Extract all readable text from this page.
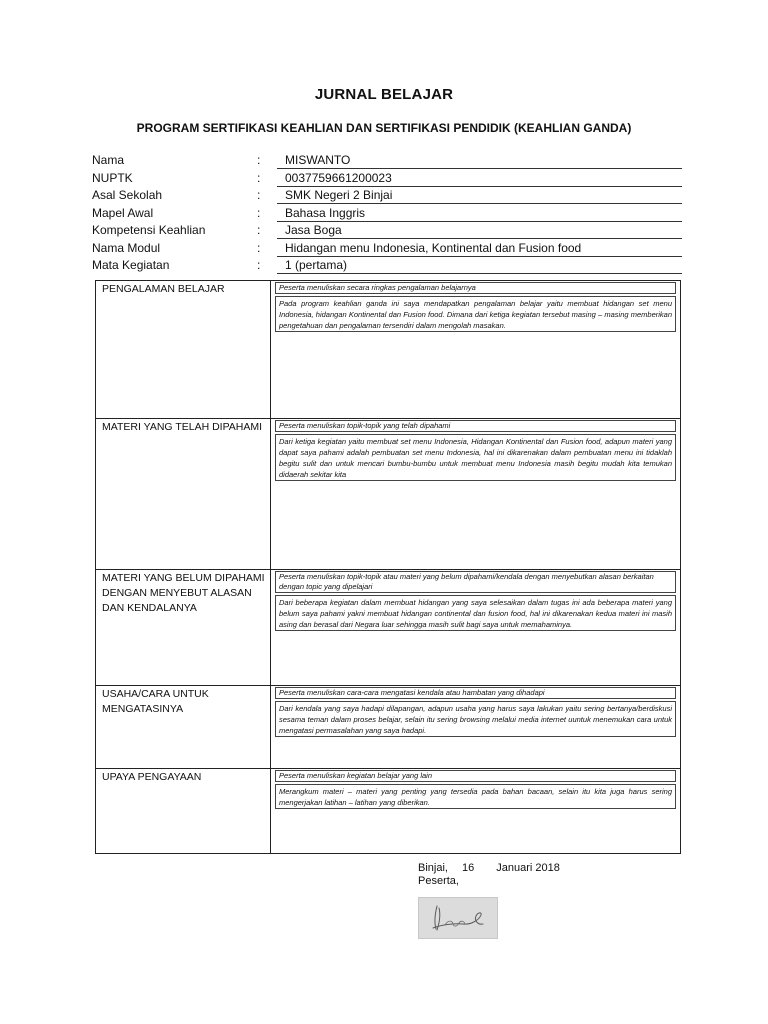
JURNAL BELAJAR
PROGRAM SERTIFIKASI KEAHLIAN DAN SERTIFIKASI PENDIDIK (KEAHLIAN GANDA)
Nama	:	MISWANTO
NUPTK	:	0037759661200023
Asal Sekolah	:	SMK Negeri 2 Binjai
Mapel Awal	:	Bahasa Inggris
Kompetensi Keahlian	:	Jasa Boga
Nama Modul	:	Hidangan menu Indonesia, Kontinental dan Fusion food
Mata Kegiatan	:	1 (pertama)
PENGALAMAN BELAJAR	Peserta menuliskan secara ringkas pengalaman belajarnya
Pada program keahlian ganda ini saya mendapatkan pengalaman belajar yaitu membuat hidangan set menu Indonesia, hidangan Kontinental dan Fusion food. Dimana dari ketiga kegiatan tersebut masing – masing memberikan pengetahuan dan pengalaman tersendiri dalam mengolah masakan.

MATERI YANG TELAH DIPAHAMI	Peserta menuliskan topik-topik yang telah dipahami
Dari ketiga kegiatan yaitu membuat set menu Indonesia, Hidangan Kontinental dan Fusion food, adapun materi yang dapat saya pahami adalah pembuatan set menu Indonesia, hal ini dikarenakan dalam pembuatan menu ini tidaklah begitu sulit dan untuk mencari bumbu-bumbu untuk membuat menu Indonesia masih begitu mudah kita temukan didaerah sekitar kita

MATERI YANG BELUM DIPAHAMI DENGAN MENYEBUT ALASAN DAN KENDALANYA	Peserta menuliskan topik-topik atau materi yang belum dipahami/kendala dengan menyebutkan alasan berkaitan dengan topic yang dipelajari
Dari beberapa kegiatan dalam membuat hidangan yang saya selesaikan dalam tugas ini ada beberapa materi yang belum saya pahami yakni membuat hidangan continental dan fusion food, hal ini dikarenakan kedua materi ini masih asing dan berasal dari Negara luar sehingga masih sulit bagi saya untuk memahaminya.

USAHA/CARA UNTUK MENGATASINYA	Peserta menuliskan cara-cara mengatasi kendala atau hambatan yang dihadapi
Dari kendala yang saya hadapi dilapangan, adapun usaha yang harus saya lakukan yaitu sering bertanya/berdiskusi sesama teman dalam proses belajar, selain itu sering browsing melalui media internet uuntuk menemukan cara untuk mengatasi permasalahan yang saya hadapi.

UPAYA PENGAYAAN	Peserta menuliskan kegiatan belajar yang lain
Merangkum materi – materi yang penting yang tersedia pada bahan bacaan, selain itu kita juga harus sering mengerjakan latihan – latihan yang diberikan.
Binjai, 16 Januari 2018
Peserta,
